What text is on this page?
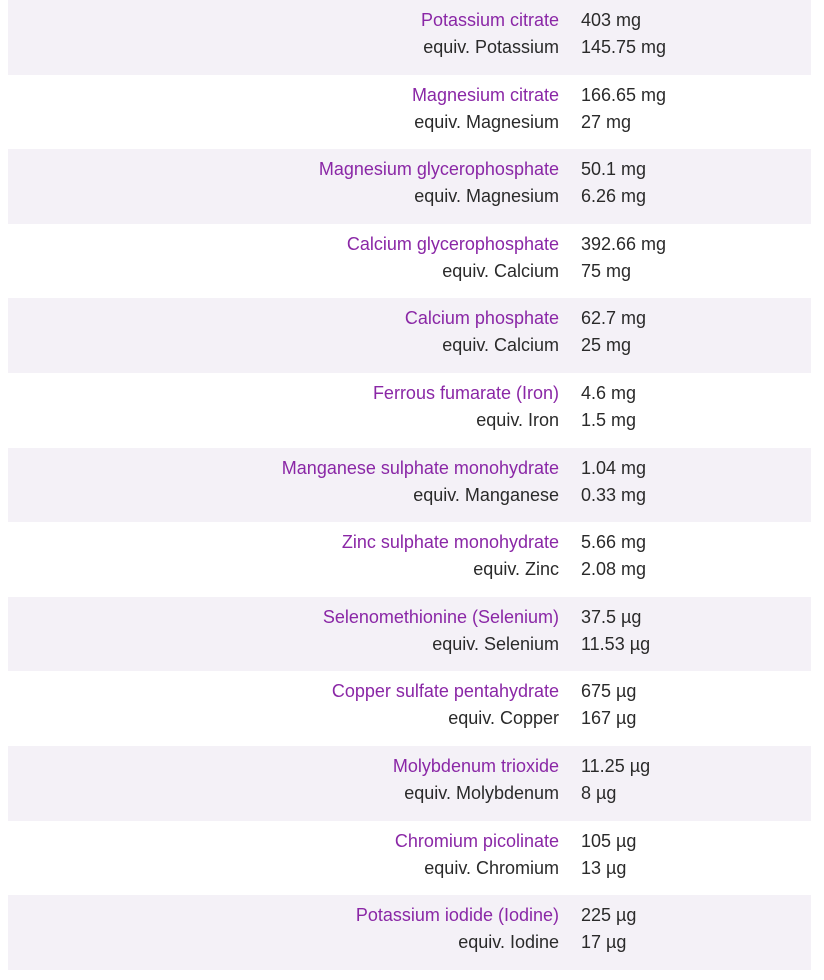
Potassium citrate 403 mg
equiv. Potassium 145.75 mg
Magnesium citrate 166.65 mg
equiv. Magnesium 27 mg
Magnesium glycerophosphate 50.1 mg
equiv. Magnesium 6.26 mg
Calcium glycerophosphate 392.66 mg
equiv. Calcium 75 mg
Calcium phosphate 62.7 mg
equiv. Calcium 25 mg
Ferrous fumarate (Iron) 4.6 mg
equiv. Iron 1.5 mg
Manganese sulphate monohydrate 1.04 mg
equiv. Manganese 0.33 mg
Zinc sulphate monohydrate 5.66 mg
equiv. Zinc 2.08 mg
Selenomethionine (Selenium) 37.5 µg
equiv. Selenium 11.53 µg
Copper sulfate pentahydrate 675 µg
equiv. Copper 167 µg
Molybdenum trioxide 11.25 µg
equiv. Molybdenum 8 µg
Chromium picolinate 105 µg
equiv. Chromium 13 µg
Potassium iodide (Iodine) 225 µg
equiv. Iodine 17 µg
